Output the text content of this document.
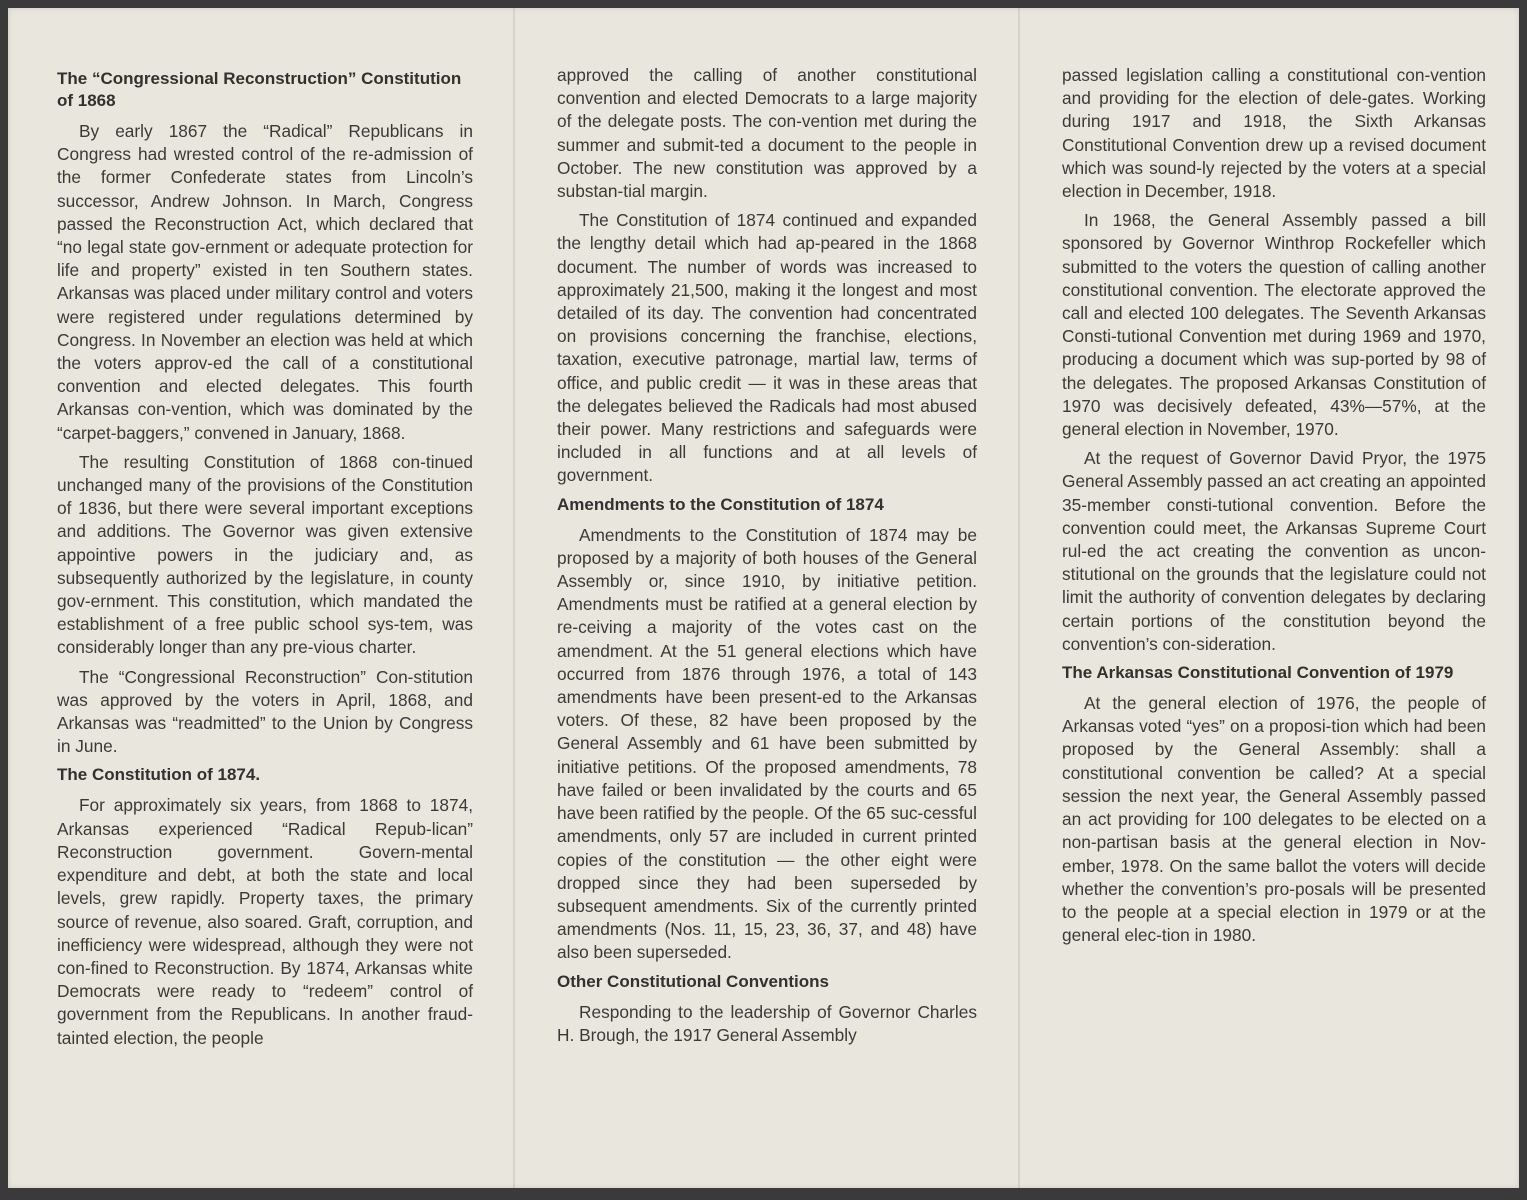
The “Congressional Reconstruction” Constitution of 1868

By early 1867 the “Radical” Republicans in Congress had wrested control of the re-admission of the former Confederate states from Lincoln’s successor, Andrew Johnson. In March, Congress passed the Reconstruction Act, which declared that “no legal state gov-ernment or adequate protection for life and property” existed in ten Southern states. Arkansas was placed under military control and voters were registered under regulations determined by Congress. In November an election was held at which the voters approv-ed the call of a constitutional convention and elected delegates. This fourth Arkansas con-vention, which was dominated by the “carpet-baggers,” convened in January, 1868.

The resulting Constitution of 1868 con-tinued unchanged many of the provisions of the Constitution of 1836, but there were several important exceptions and additions. The Governor was given extensive appointive powers in the judiciary and, as subsequently authorized by the legislature, in county gov-ernment. This constitution, which mandated the establishment of a free public school sys-tem, was considerably longer than any pre-vious charter.

The “Congressional Reconstruction” Con-stitution was approved by the voters in April, 1868, and Arkansas was “readmitted” to the Union by Congress in June.

The Constitution of 1874.

For approximately six years, from 1868 to 1874, Arkansas experienced “Radical Repub-lican” Reconstruction government. Govern-mental expenditure and debt, at both the state and local levels, grew rapidly. Property taxes, the primary source of revenue, also soared. Graft, corruption, and inefficiency were widespread, although they were not con-fined to Reconstruction. By 1874, Arkansas white Democrats were ready to “redeem” control of government from the Republicans. In another fraud-tainted election, the people

approved the calling of another constitutional convention and elected Democrats to a large majority of the delegate posts. The con-vention met during the summer and submit-ted a document to the people in October. The new constitution was approved by a substan-tial margin.

The Constitution of 1874 continued and expanded the lengthy detail which had ap-peared in the 1868 document. The number of words was increased to approximately 21,500, making it the longest and most detailed of its day. The convention had concentrated on provisions concerning the franchise, elections, taxation, executive patronage, martial law, terms of office, and public credit — it was in these areas that the delegates believed the Radicals had most abused their power. Many restrictions and safeguards were included in all functions and at all levels of government.

Amendments to the Constitution of 1874

Amendments to the Constitution of 1874 may be proposed by a majority of both houses of the General Assembly or, since 1910, by initiative petition. Amendments must be ratified at a general election by re-ceiving a majority of the votes cast on the amendment. At the 51 general elections which have occurred from 1876 through 1976, a total of 143 amendments have been present-ed to the Arkansas voters. Of these, 82 have been proposed by the General Assembly and 61 have been submitted by initiative petitions. Of the proposed amendments, 78 have failed or been invalidated by the courts and 65 have been ratified by the people. Of the 65 suc-cessful amendments, only 57 are included in current printed copies of the constitution — the other eight were dropped since they had been superseded by subsequent amendments. Six of the currently printed amendments (Nos. 11, 15, 23, 36, 37, and 48) have also been superseded.

Other Constitutional Conventions

Responding to the leadership of Governor Charles H. Brough, the 1917 General Assembly

passed legislation calling a constitutional con-vention and providing for the election of dele-gates. Working during 1917 and 1918, the Sixth Arkansas Constitutional Convention drew up a revised document which was sound-ly rejected by the voters at a special election in December, 1918.

In 1968, the General Assembly passed a bill sponsored by Governor Winthrop Rockefeller which submitted to the voters the question of calling another constitutional convention. The electorate approved the call and elected 100 delegates. The Seventh Arkansas Consti-tutional Convention met during 1969 and 1970, producing a document which was sup-ported by 98 of the delegates. The proposed Arkansas Constitution of 1970 was decisively defeated, 43%—57%, at the general election in November, 1970.

At the request of Governor David Pryor, the 1975 General Assembly passed an act creating an appointed 35-member consti-tutional convention. Before the convention could meet, the Arkansas Supreme Court rul-ed the act creating the convention as uncon-stitutional on the grounds that the legislature could not limit the authority of convention delegates by declaring certain portions of the constitution beyond the convention’s con-sideration.

The Arkansas Constitutional Convention of 1979

At the general election of 1976, the people of Arkansas voted “yes” on a proposi-tion which had been proposed by the General Assembly: shall a constitutional convention be called? At a special session the next year, the General Assembly passed an act providing for 100 delegates to be elected on a non-partisan basis at the general election in Nov-ember, 1978. On the same ballot the voters will decide whether the convention’s pro-posals will be presented to the people at a special election in 1979 or at the general elec-tion in 1980.
